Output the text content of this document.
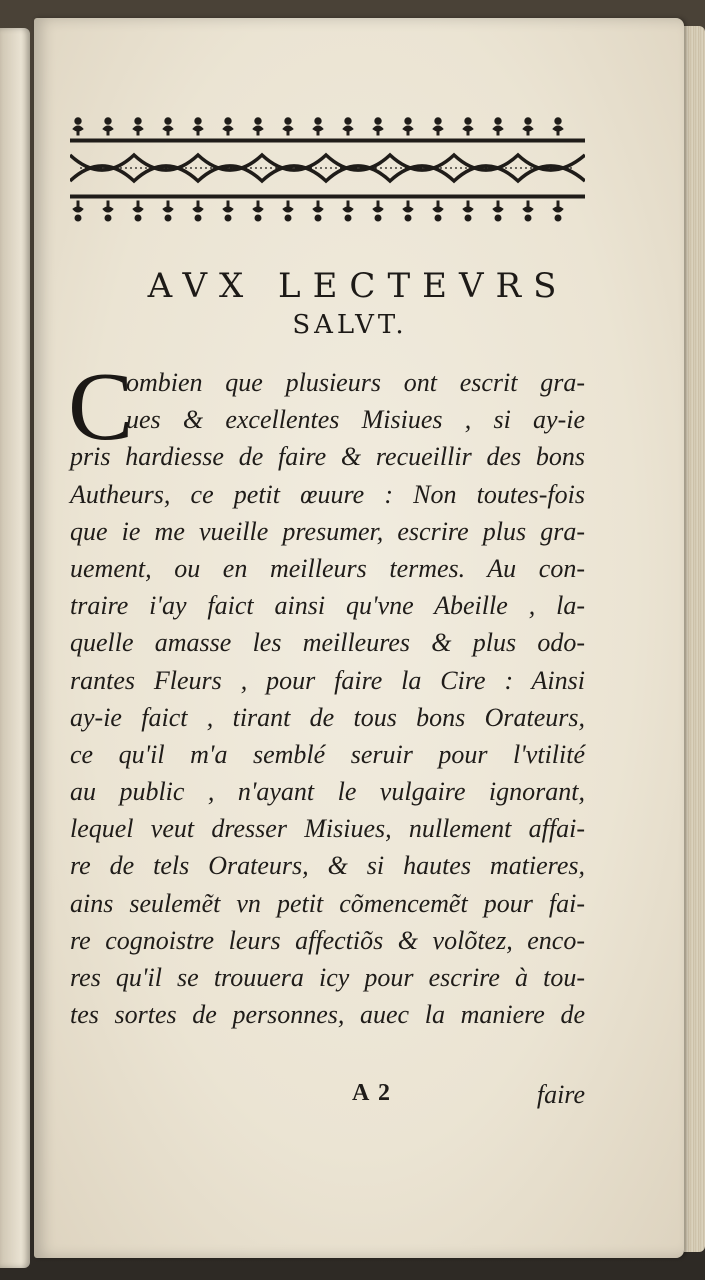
AVX LECTEVRS
SALVT.
C
ombien que plusieurs ont escrit gra-
ues & excellentes Misiues , si ay-ie
pris hardiesse de faire & recueillir des bons
Autheurs, ce petit œuure : Non toutes-fois
que ie me vueille presumer, escrire plus gra-
uement, ou en meilleurs termes. Au con-
traire i'ay faict ainsi qu'vne Abeille , la-
quelle amasse les meilleures & plus odo-
rantes Fleurs , pour faire la Cire : Ainsi
ay-ie faict , tirant de tous bons Orateurs,
ce qu'il m'a semblé seruir pour l'vtilité
au public , n'ayant le vulgaire ignorant,
lequel veut dresser Misiues, nullement affai-
re de tels Orateurs, & si hautes matieres,
ains seulemẽt vn petit cõmencemẽt pour fai-
re cognoistre leurs affectiõs & volõtez, enco-
res qu'il se trouuera icy pour escrire à tou-
tes sortes de personnes, auec la maniere de
A 2	faire
